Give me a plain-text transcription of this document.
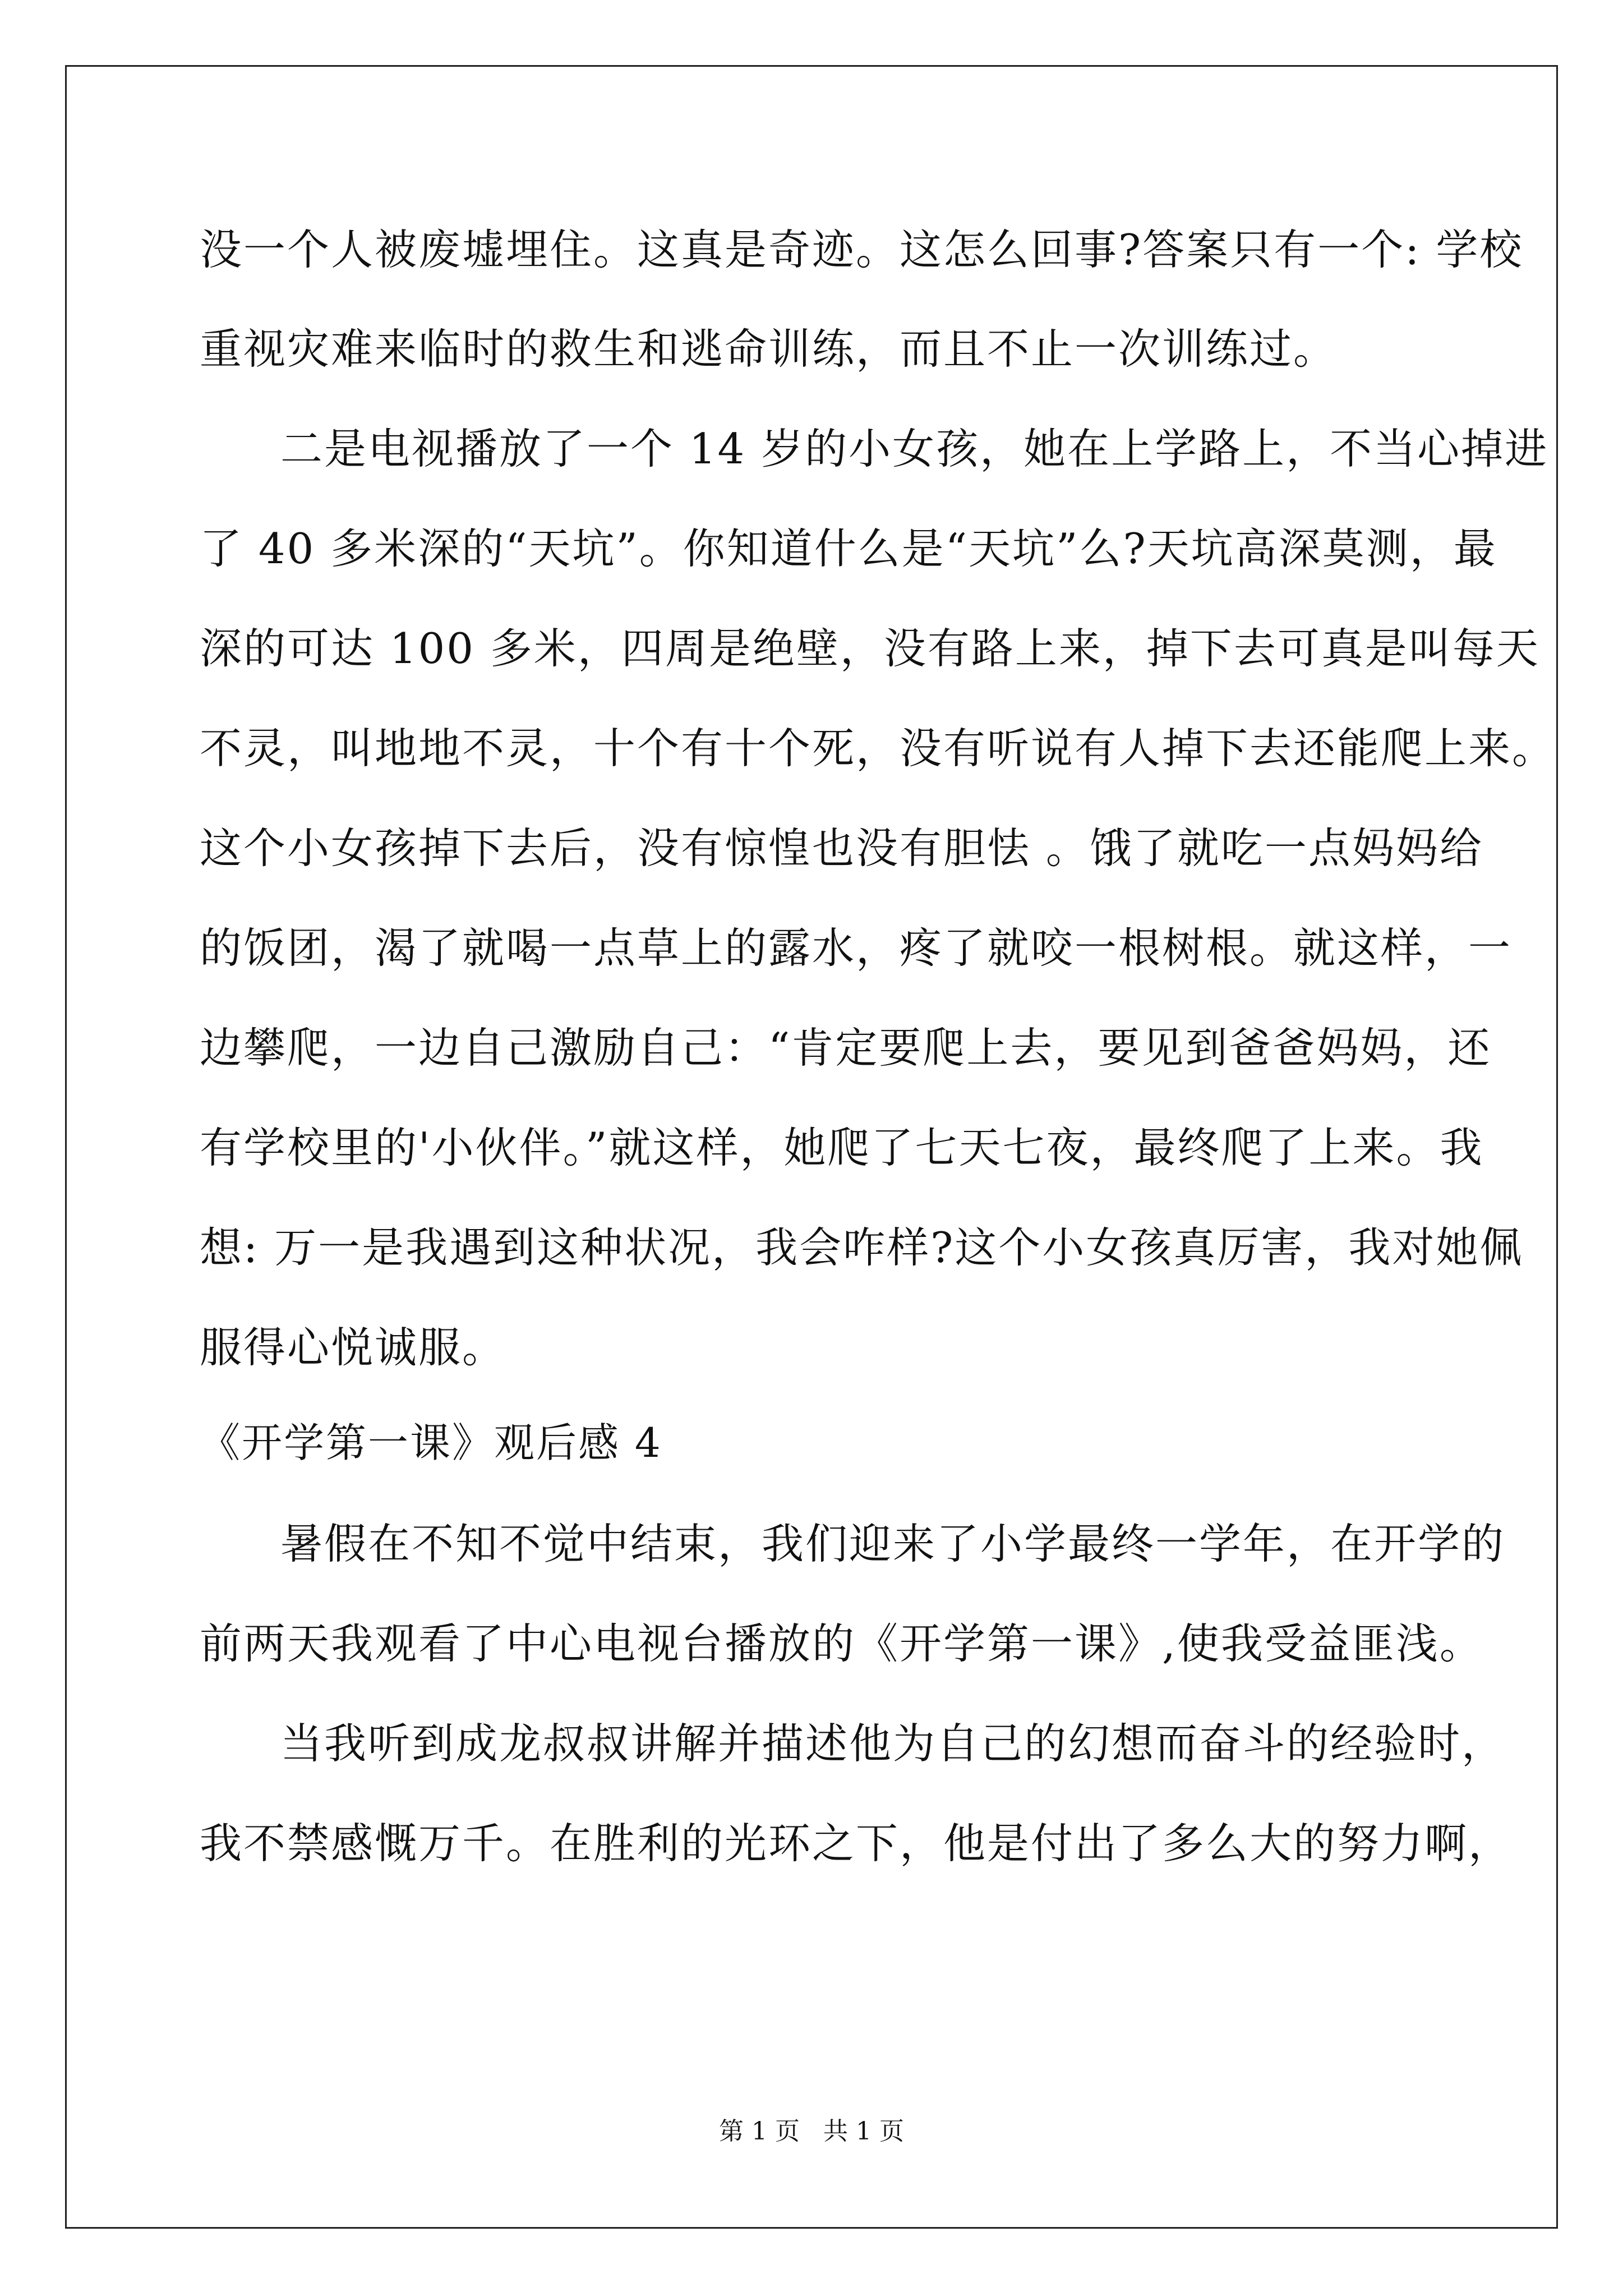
没一个人被废墟埋住。这真是奇迹。这怎么回事?答案只有一个: 学校
重视灾难来临时的救生和逃命训练，而且不止一次训练过。
二是电视播放了一个 14 岁的小女孩，她在上学路上，不当心掉进
了 40 多米深的“天坑”。你知道什么是“天坑”么?天坑高深莫测，最
深的可达 100 多米，四周是绝壁，没有路上来，掉下去可真是叫每天
不灵，叫地地不灵，十个有十个死，没有听说有人掉下去还能爬上来。
这个小女孩掉下去后，没有惊惶也没有胆怯 。饿了就吃一点妈妈给
的饭团，渴了就喝一点草上的露水，疼了就咬一根树根。就这样，一
边攀爬，一边自己激励自己：“肯定要爬上去，要见到爸爸妈妈，还
有学校里的'小伙伴。”就这样，她爬了七天七夜，最终爬了上来。我
想: 万一是我遇到这种状况，我会咋样?这个小女孩真厉害，我对她佩
服得心悦诚服。
《开学第一课》观后感 4
暑假在不知不觉中结束，我们迎来了小学最终一学年，在开学的
前两天我观看了中心电视台播放的《开学第一课》,使我受益匪浅。
当我听到成龙叔叔讲解并描述他为自己的幻想而奋斗的经验时，
我不禁感慨万千。在胜利的光环之下，他是付出了多么大的努力啊，
第 1 页   共 1 页
